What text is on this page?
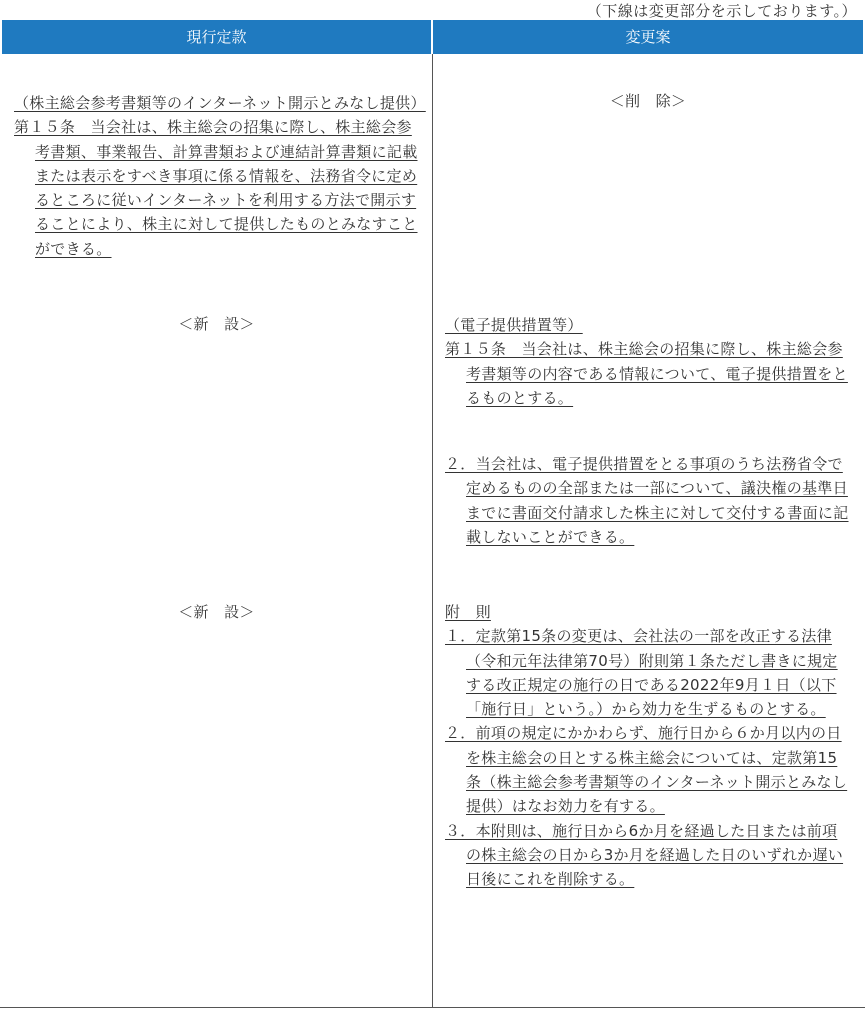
（下線は変更部分を示しております。）
現行定款	変更案

（株主総会参考書類等のインターネット開示とみなし提供）

第１５条　当会社は、株主総会の招集に際し、株主総会参考書類、事業報告、計算書類および連結計算書類に記載または表示をすべき事項に係る情報を、法務省令に定めるところに従いインターネットを利用する方法で開示することにより、株主に対して提供したものとみなすことができる。

＜新　設＞
＜新　設＞
＜削　除＞

（電子提供措置等）

第１５条　当会社は、株主総会の招集に際し、株主総会参考書類等の内容である情報について、電子提供措置をとるものとする。

２．当会社は、電子提供措置をとる事項のうち法務省令で定めるものの全部または一部について、議決権の基準日までに書面交付請求した株主に対して交付する書面に記載しないことができる。

附　則

１．定款第15条の変更は、会社法の一部を改正する法律（令和元年法律第70号）附則第１条ただし書きに規定する改正規定の施行の日である2022年9月１日（以下「施行日」という。）から効力を生ずるものとする。

２．前項の規定にかかわらず、施行日から６か月以内の日を株主総会の日とする株主総会については、定款第15条（株主総会参考書類等のインターネット開示とみなし提供）はなお効力を有する。

３．本附則は、施行日から6か月を経過した日または前項の株主総会の日から3か月を経過した日のいずれか遅い日後にこれを削除する。
